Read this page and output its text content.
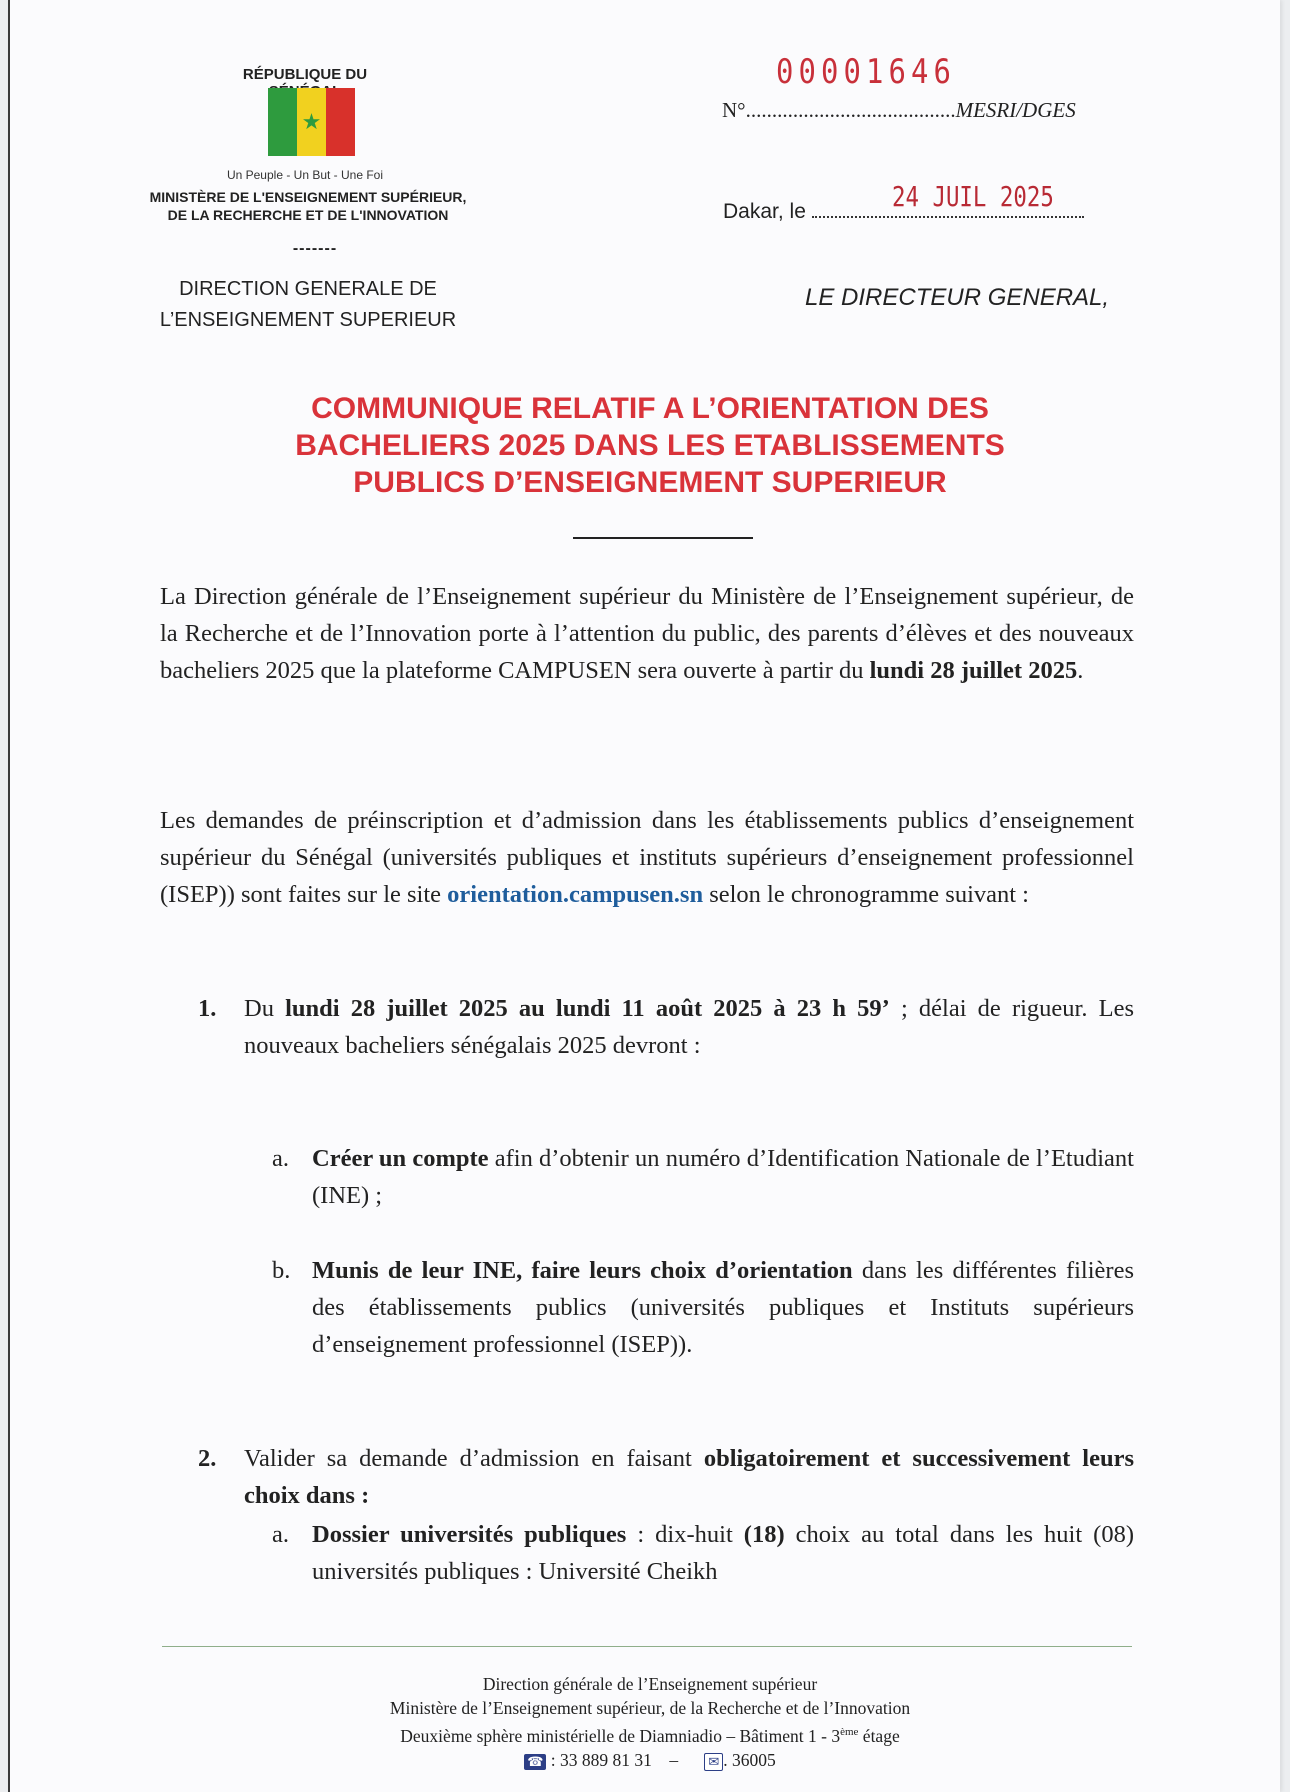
RÉPUBLIQUE DU
★
Un Peuple - Un But - Une Foi
MINISTÈRE DE L'ENSEIGNEMENT SUPÉRIEUR,
DE LA RECHERCHE ET DE L'INNOVATION
-------
DIRECTION GENERALE DE
L’ENSEIGNEMENT SUPERIEUR
00001646
N°........................................MESRI/DGES
Dakar, le	24 JUIL 2025
LE DIRECTEUR GENERAL,
COMMUNIQUE RELATIF A L’ORIENTATION DES
BACHELIERS 2025 DANS LES ETABLISSEMENTS
PUBLICS D’ENSEIGNEMENT SUPERIEUR
La Direction générale de l’Enseignement supérieur du Ministère de l’Enseignement supérieur, de la Recherche et de l’Innovation porte à l’attention du public, des parents d’élèves et des nouveaux bacheliers 2025 que la plateforme CAMPUSEN sera ouverte à partir du lundi 28 juillet 2025.
Les demandes de préinscription et d’admission dans les établissements publics d’enseignement supérieur du Sénégal (universités publiques et instituts supérieurs d’enseignement professionnel (ISEP)) sont faites sur le site orientation.campusen.sn selon le chronogramme suivant :
1.	Du lundi 28 juillet 2025 au lundi 11 août 2025 à 23 h 59’ ; délai de rigueur. Les nouveaux bacheliers sénégalais 2025 devront :
a. Créer un compte afin d’obtenir un numéro d’Identification Nationale de l’Etudiant (INE) ;
b. Munis de leur INE, faire leurs choix d’orientation dans les différentes filières des établissements publics (universités publiques et Instituts supérieurs d’enseignement professionnel (ISEP)).
2.	Valider sa demande d’admission en faisant obligatoirement et successivement leurs choix dans :
a. Dossier universités publiques : dix-huit (18) choix au total dans les huit (08) universités publiques : Université Cheikh
Direction générale de l’Enseignement supérieur
Ministère de l’Enseignement supérieur, de la Recherche et de l’Innovation
Deuxième sphère ministérielle de Diamniadio – Bâtiment 1 - 3ème étage
☎ : 33 889 81 31 – ✉ . 36005
